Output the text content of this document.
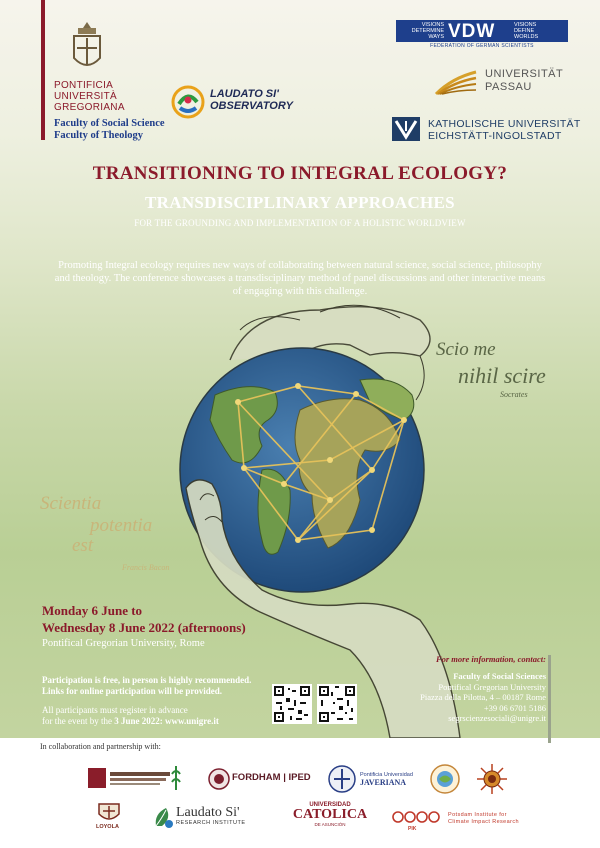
PONTIFICIA
UNIVERSITÀ
GREGORIANA
Faculty of Social Science
Faculty of Theology
LAUDATO SI'
OBSERVATORY
VISIONS
DETERMINE
WAYS VDW	VISIONS
DEFINE
WORLDS
FEDERATION OF GERMAN SCIENTISTS
UNIVERSITÄT
PASSAU
KATHOLISCHE UNIVERSITÄT
EICHSTÄTT-INGOLSTADT
TRANSITIONING TO INTEGRAL ECOLOGY?
TRANSDISCIPLINARY APPROACHES
FOR THE GROUNDING AND IMPLEMENTATION OF A HOLISTIC WORLDVIEW
Promoting Integral ecology requires new ways of collaborating between natural science, social science, philosophy and theology. The conference showcases a transdisciplinary method of panel discussions and other interactive means of engaging with this challenge.
Scio me
nihil scire
Socrates
Scientia
potentia
est
Francis Bacon
Monday 6 June to
Wednesday 8 June 2022 (afternoons)
Pontifical Gregorian University, Rome
Participation is free, in person is highly recommended.
Links for online participation will be provided.
All participants must register in advance
for the event by the 3 June 2022: www.unigre.it
For more information, contact:
Faculty of Social Sciences
Pontifical Gregorian University
Piazza della Pilotta, 4 – 00187 Rome
+39 06 6701 5186
segrscienzesociali@unigre.it
In collaboration and partnership with:
FORDHAM | IPED	Pontificia Universidad
JAVERIANA
LOYOLA
Laudato Si'
RESEARCH INSTITUTE
UNIVERSIDAD
CATOLICA
DE ASUNCIÓN
PIK
Potsdam Institute for
Climate Impact Research
